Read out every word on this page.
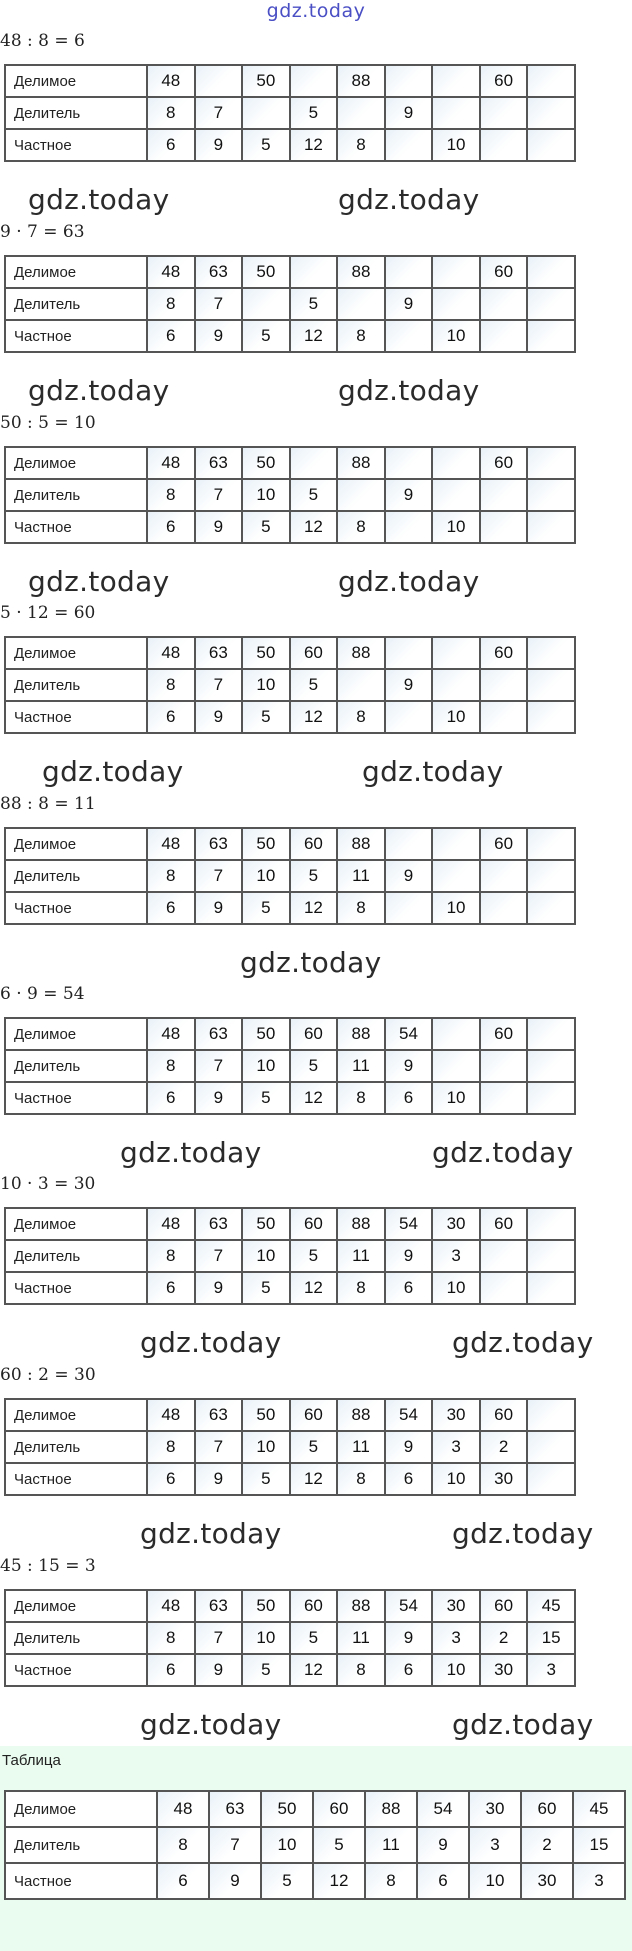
gdz.today
48 : 8 = 6
Делимое	48		50		88			60	
Делитель	8	7		5		9			
Частное	6	9	5	12	8		10		
gdz.today	gdz.today
9 · 7 = 63
Делимое	48	63	50		88			60	
Делитель	8	7		5		9			
Частное	6	9	5	12	8		10		
gdz.today	gdz.today
50 : 5 = 10
Делимое	48	63	50		88			60	
Делитель	8	7	10	5		9			
Частное	6	9	5	12	8		10		
gdz.today	gdz.today
5 · 12 = 60
Делимое	48	63	50	60	88			60	
Делитель	8	7	10	5		9			
Частное	6	9	5	12	8		10		
gdz.today	gdz.today
88 : 8 = 11
Делимое	48	63	50	60	88			60	
Делитель	8	7	10	5	11	9			
Частное	6	9	5	12	8		10		
gdz.today
6 · 9 = 54
Делимое	48	63	50	60	88	54		60	
Делитель	8	7	10	5	11	9			
Частное	6	9	5	12	8	6	10		
gdz.today	gdz.today
10 · 3 = 30
Делимое	48	63	50	60	88	54	30	60	
Делитель	8	7	10	5	11	9	3		
Частное	6	9	5	12	8	6	10		
gdz.today	gdz.today
60 : 2 = 30
Делимое	48	63	50	60	88	54	30	60	
Делитель	8	7	10	5	11	9	3	2	
Частное	6	9	5	12	8	6	10	30	
gdz.today	gdz.today
45 : 15 = 3
Делимое	48	63	50	60	88	54	30	60	45
Делитель	8	7	10	5	11	9	3	2	15
Частное	6	9	5	12	8	6	10	30	3
gdz.today	gdz.today
Таблица
Делимое	48	63	50	60	88	54	30	60	45
Делитель	8	7	10	5	11	9	3	2	15
Частное	6	9	5	12	8	6	10	30	3
